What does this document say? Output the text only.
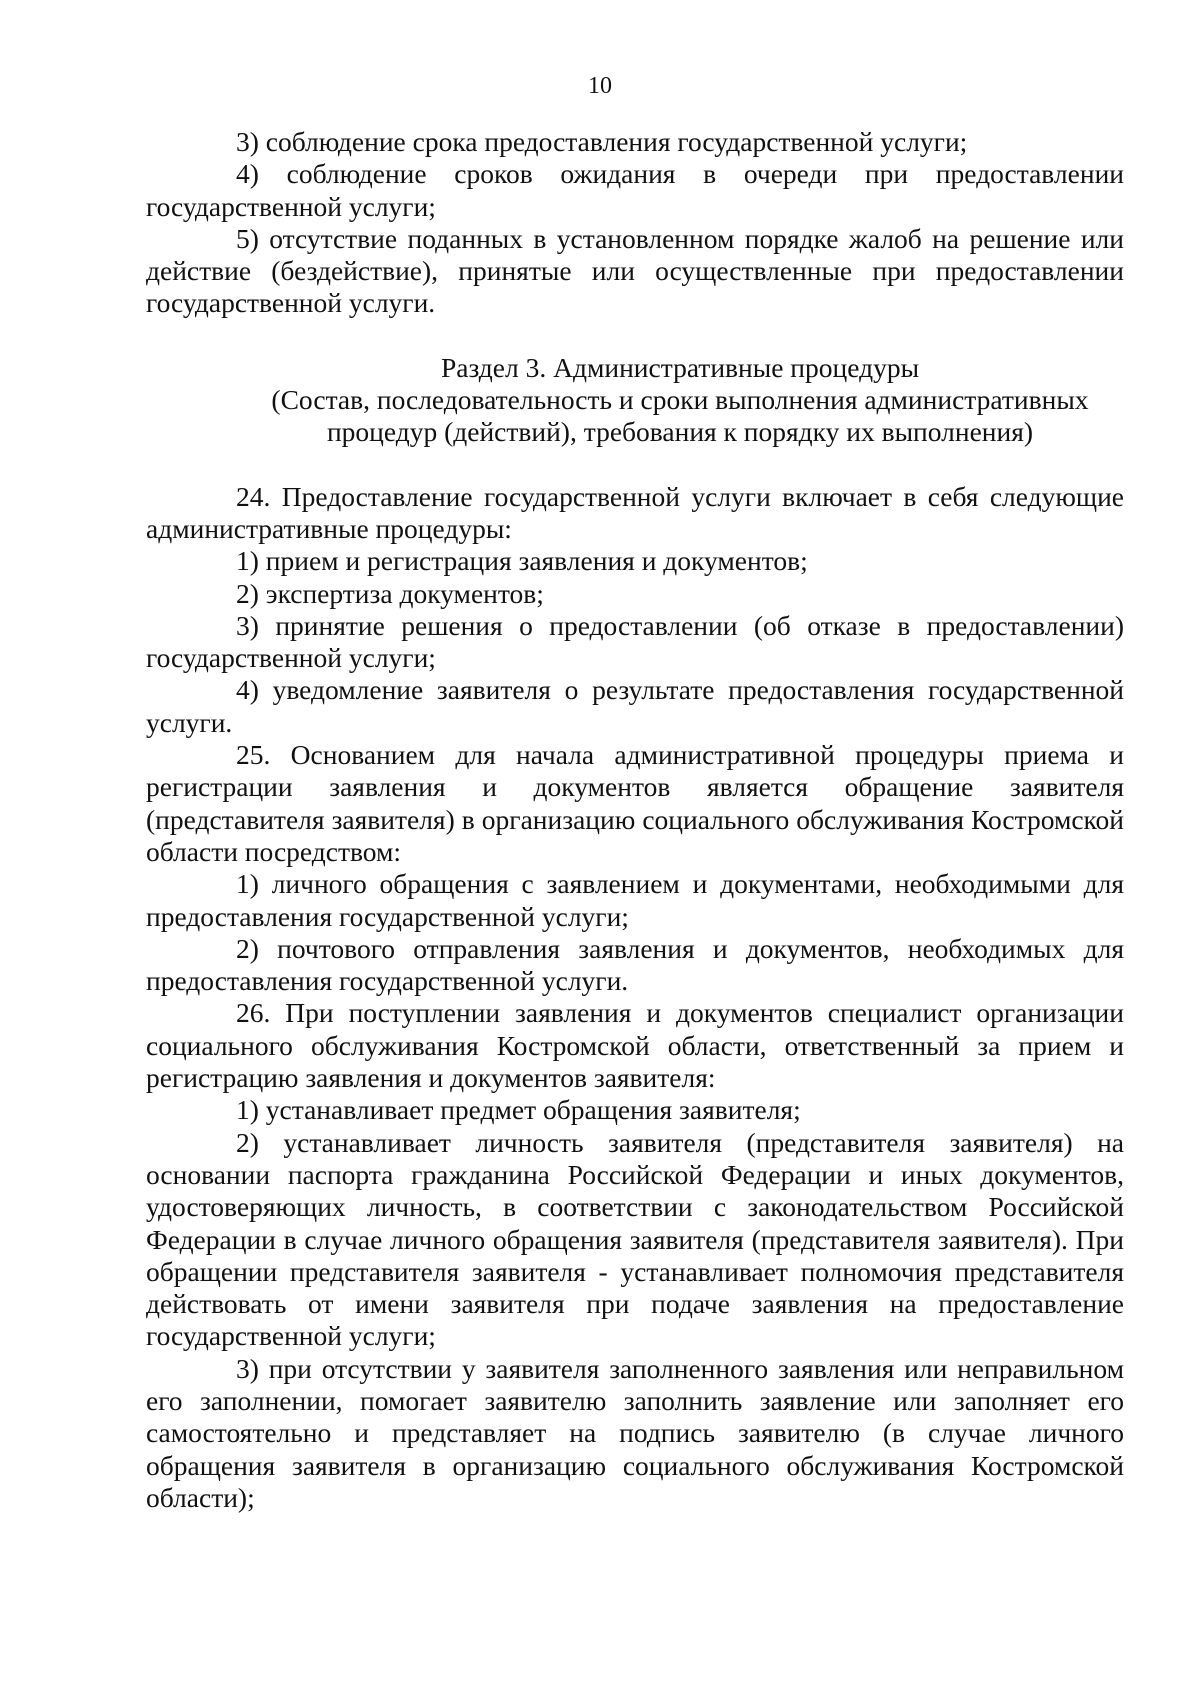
10

3) соблюдение срока предоставления государственной услуги;

4) соблюдение сроков ожидания в очереди при предоставлении государственной услуги;

5) отсутствие поданных в установленном порядке жалоб на решение или действие (бездействие), принятые или осуществленные при предоставлении государственной услуги.

Раздел 3. Административные процедуры

(Состав, последовательность и сроки выполнения административных

процедур (действий), требования к порядку их выполнения)

24. Предоставление государственной услуги включает в себя следующие административные процедуры:

1) прием и регистрация заявления и документов;

2) экспертиза документов;

3) принятие решения о предоставлении (об отказе в предоставлении) государственной услуги;

4) уведомление заявителя о результате предоставления государственной услуги.

25. Основанием для начала административной процедуры приема и регистрации заявления и документов является обращение заявителя (представителя заявителя) в организацию социального обслуживания Костромской области посредством:

1) личного обращения с заявлением и документами, необходимыми для предоставления государственной услуги;

2) почтового отправления заявления и документов, необходимых для предоставления государственной услуги.

26. При поступлении заявления и документов специалист организации социального обслуживания Костромской области, ответственный за прием и регистрацию заявления и документов заявителя:

1) устанавливает предмет обращения заявителя;

2) устанавливает личность заявителя (представителя заявителя) на основании паспорта гражданина Российской Федерации и иных документов, удостоверяющих личность, в соответствии с законодательством Российской Федерации в случае личного обращения заявителя (представителя заявителя). При обращении представителя заявителя - устанавливает полномочия представителя действовать от имени заявителя при подаче заявления на предоставление государственной услуги;

3) при отсутствии у заявителя заполненного заявления или неправильном его заполнении, помогает заявителю заполнить заявление или заполняет его самостоятельно и представляет на подпись заявителю (в случае личного обращения заявителя в организацию социального обслуживания Костромской области);
